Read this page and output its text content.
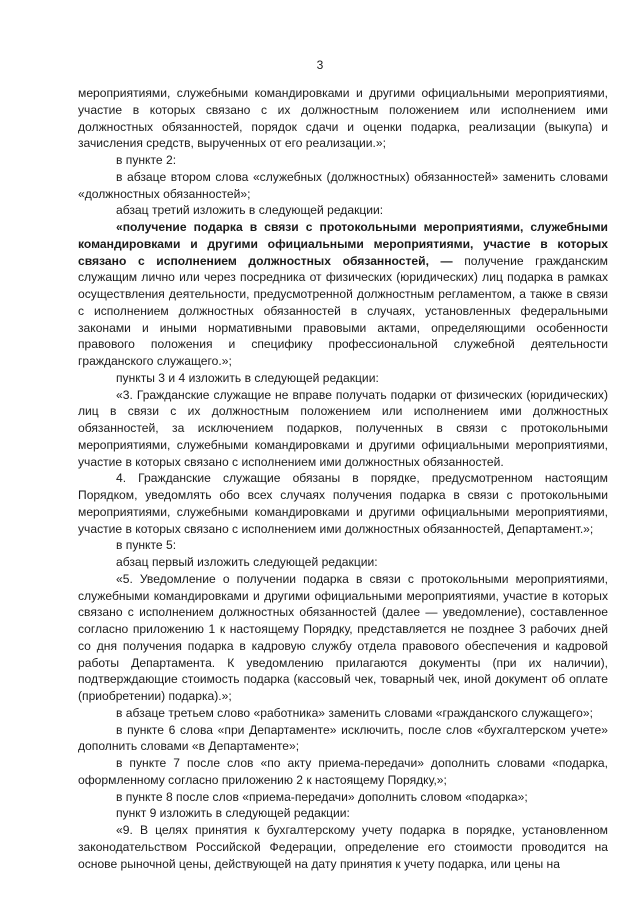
3

мероприятиями, служебными командировками и другими официальными мероприятиями, участие в которых связано с их должностным положением или исполнением ими должностных обязанностей, порядок сдачи и оценки подарка, реализации (выкупа) и зачисления средств, вырученных от его реализации.»;

в пункте 2:

в абзаце втором слова «служебных (должностных) обязанностей» заменить словами «должностных обязанностей»;

абзац третий изложить в следующей редакции:

«получение подарка в связи с протокольными мероприятиями, служебными командировками и другими официальными мероприятиями, участие в которых связано с исполнением должностных обязанностей, — получение гражданским служащим лично или через посредника от физических (юридических) лиц подарка в рамках осуществления деятельности, предусмотренной должностным регламентом, а также в связи с исполнением должностных обязанностей в случаях, установленных федеральными законами и иными нормативными правовыми актами, определяющими особенности правового положения и специфику профессиональной служебной деятельности гражданского служащего.»;

пункты 3 и 4 изложить в следующей редакции:

«3. Гражданские служащие не вправе получать подарки от физических (юридических) лиц в связи с их должностным положением или исполнением ими должностных обязанностей, за исключением подарков, полученных в связи с протокольными мероприятиями, служебными командировками и другими официальными мероприятиями, участие в которых связано с исполнением ими должностных обязанностей.

4. Гражданские служащие обязаны в порядке, предусмотренном настоящим Порядком, уведомлять обо всех случаях получения подарка в связи с протокольными мероприятиями, служебными командировками и другими официальными мероприятиями, участие в которых связано с исполнением ими должностных обязанностей, Департамент.»;

в пункте 5:

абзац первый изложить следующей редакции:

«5. Уведомление о получении подарка в связи с протокольными мероприятиями, служебными командировками и другими официальными мероприятиями, участие в которых связано с исполнением должностных обязанностей (далее — уведомление), составленное согласно приложению 1 к настоящему Порядку, представляется не позднее 3 рабочих дней со дня получения подарка в кадровую службу отдела правового обеспечения и кадровой работы Департамента. К уведомлению прилагаются документы (при их наличии), подтверждающие стоимость подарка (кассовый чек, товарный чек, иной документ об оплате (приобретении) подарка).»;

в абзаце третьем слово «работника» заменить словами «гражданского служащего»;

в пункте 6 слова «при Департаменте» исключить, после слов «бухгалтерском учете» дополнить словами «в Департаменте»;

в пункте 7 после слов «по акту приема-передачи» дополнить словами «подарка, оформленному согласно приложению 2 к настоящему Порядку,»;

в пункте 8 после слов «приема-передачи» дополнить словом «подарка»;

пункт 9 изложить в следующей редакции:

«9. В целях принятия к бухгалтерскому учету подарка в порядке, установленном законодательством Российской Федерации, определение его стоимости проводится на основе рыночной цены, действующей на дату принятия к учету подарка, или цены на
